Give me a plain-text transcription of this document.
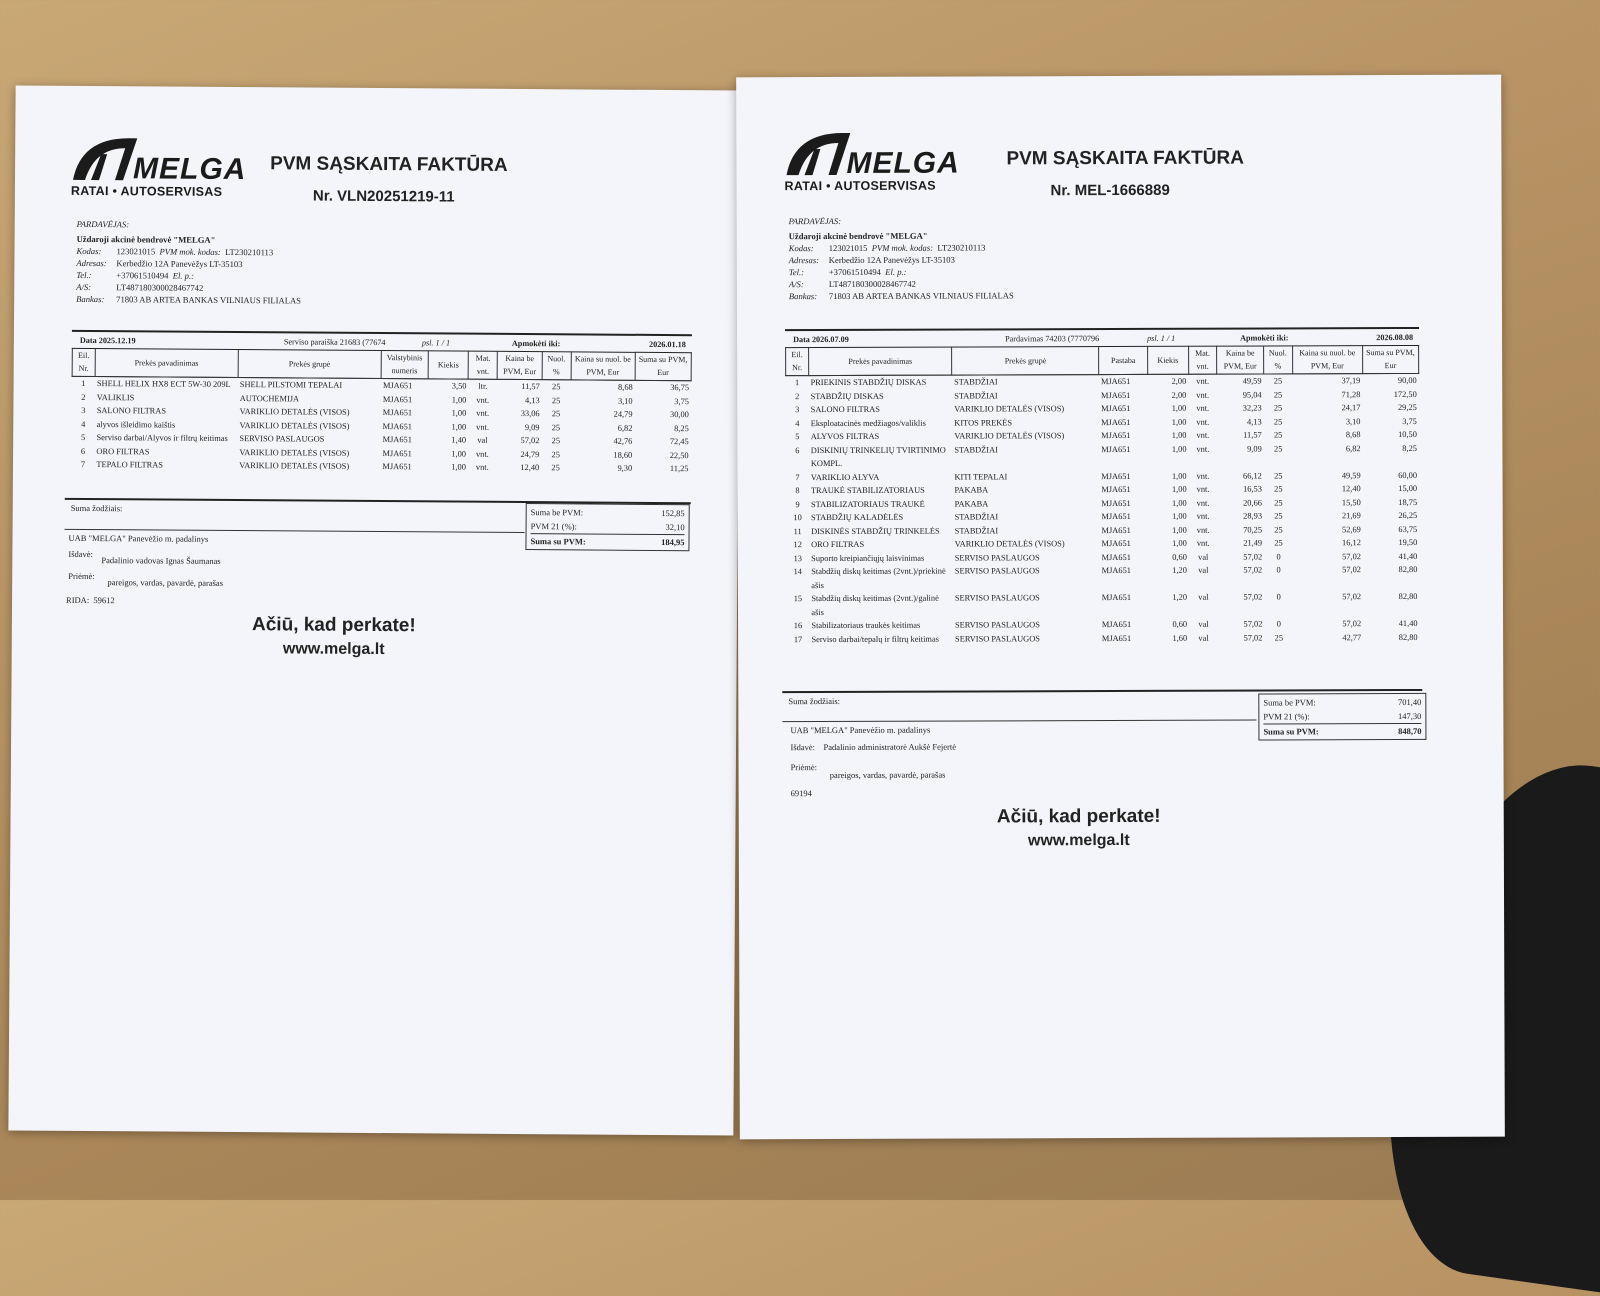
MELGA
RATAI • AUTOSERVISAS
PVM SĄSKAITA FAKTŪRA
Nr. VLN20251219-11
PARDAVĖJAS:
Uždaroji akcinė bendrovė "MELGA"
Kodas: 123021015 PVM mok. kodas: LT230210113
Adresas: Kerbedžio 12A Panevėžys LT-35103
Tel.:	+37061510494 El. p.:
A/S:	LT487180300028467742
Bankas: 71803 AB ARTEA BANKAS VILNIAUS FILIALAS
Data 2025.12.19	Serviso paraiška 21683 (77674	psl. 1 / 1	Apmokėti iki:	2026.01.18
Eil. Nr.	Prekės pavadinimas	Prekės grupė	Valstybinis numeris	Kiekis	Mat. vnt.	Kaina be PVM, Eur	Nuol. %	Kaina su nuol. be PVM, Eur	Suma su PVM, Eur
1	SHELL HELIX HX8 ECT 5W-30 209L	SHELL PILSTOMI TEPALAI	MJA651	3,50	ltr.	11,57	25	8,68	36,75
2	VALIKLIS	AUTOCHEMIJA	MJA651	1,00	vnt.	4,13	25	3,10	3,75
3	SALONO FILTRAS	VARIKLIO DETALĖS (VISOS)	MJA651	1,00	vnt.	33,06	25	24,79	30,00
4	alyvos išleidimo kaištis	VARIKLIO DETALĖS (VISOS)	MJA651	1,00	vnt.	9,09	25	6,82	8,25
5	Serviso darbai/Alyvos ir filtrų keitimas	SERVISO PASLAUGOS	MJA651	1,40	val	57,02	25	42,76	72,45
6	ORO FILTRAS	VARIKLIO DETALĖS (VISOS)	MJA651	1,00	vnt.	24,79	25	18,60	22,50
7	TEPALO FILTRAS	VARIKLIO DETALĖS (VISOS)	MJA651	1,00	vnt.	12,40	25	9,30	11,25
Suma žodžiais:	Suma be PVM:	152,85
PVM 21 (%):	32,10
Suma su PVM:	184,95
UAB "MELGA" Panevėžio m. padalinys
Išdavė:    Padalinio vadovas Ignas Šaumanas
Priėmė:      pareigos, vardas, pavardė, parašas
RIDA: 59612
Ačiū, kad perkate!
www.melga.lt
MELGA
RATAI • AUTOSERVISAS
PVM SĄSKAITA FAKTŪRA
Nr. MEL-1666889
PARDAVĖJAS:
Uždaroji akcinė bendrovė "MELGA"
Kodas: 123021015 PVM mok. kodas: LT230210113
Adresas: Kerbedžio 12A Panevėžys LT-35103
Tel.:	+37061510494 El. p.:
A/S:	LT487180300028467742
Bankas: 71803 AB ARTEA BANKAS VILNIAUS FILIALAS
Data 2026.07.09	Pardavimas 74203 (7770796	psl. 1 / 1	Apmokėti iki:	2026.08.08
Eil. Nr.	Prekės pavadinimas	Prekės grupė	Pastaba	Kiekis	Mat. vnt.	Kaina be PVM, Eur	Nuol. %	Kaina su nuol. be PVM, Eur	Suma su PVM, Eur
1	PRIEKINIS STABDŽIŲ DISKAS	STABDŽIAI	MJA651	2,00	vnt.	49,59	25	37,19	90,00
2	STABDŽIŲ DISKAS	STABDŽIAI	MJA651	2,00	vnt.	95,04	25	71,28	172,50
3	SALONO FILTRAS	VARIKLIO DETALĖS (VISOS)	MJA651	1,00	vnt.	32,23	25	24,17	29,25
4	Eksploatacinės medžiagos/valiklis	KITOS PREKĖS	MJA651	1,00	vnt.	4,13	25	3,10	3,75
5	ALYVOS FILTRAS	VARIKLIO DETALĖS (VISOS)	MJA651	1,00	vnt.	11,57	25	8,68	10,50
6	DISKINIŲ TRINKELIŲ TVIRTINIMO KOMPL.	STABDŽIAI	MJA651	1,00	vnt.	9,09	25	6,82	8,25
7	VARIKLIO ALYVA	KITI TEPALAI	MJA651	1,00	vnt.	66,12	25	49,59	60,00
8	TRAUKĖ STABILIZATORIAUS	PAKABA	MJA651	1,00	vnt.	16,53	25	12,40	15,00
9	STABILIZATORIAUS TRAUKĖ	PAKABA	MJA651	1,00	vnt.	20,66	25	15,50	18,75
10	STABDŽIŲ KALADĖLĖS	STABDŽIAI	MJA651	1,00	vnt.	28,93	25	21,69	26,25
11	DISKINĖS STABDŽIŲ TRINKELĖS	STABDŽIAI	MJA651	1,00	vnt.	70,25	25	52,69	63,75
12	ORO FILTRAS	VARIKLIO DETALĖS (VISOS)	MJA651	1,00	vnt.	21,49	25	16,12	19,50
13	Suporto kreipiančiųjų laisvinimas	SERVISO PASLAUGOS	MJA651	0,60	val	57,02	0	57,02	41,40
14	Stabdžių diskų keitimas (2vnt.)/priekinė ašis	SERVISO PASLAUGOS	MJA651	1,20	val	57,02	0	57,02	82,80
15	Stabdžių diskų keitimas (2vnt.)/galinė ašis	SERVISO PASLAUGOS	MJA651	1,20	val	57,02	0	57,02	82,80
16	Stabilizatoriaus traukės keitimas	SERVISO PASLAUGOS	MJA651	0,60	val	57,02	0	57,02	41,40
17	Serviso darbai/tepalų ir filtrų keitimas	SERVISO PASLAUGOS	MJA651	1,60	val	57,02	25	42,77	82,80
Suma žodžiais:	Suma be PVM:	701,40
PVM 21 (%):	147,30
Suma su PVM:	848,70
UAB "MELGA" Panevėžio m. padalinys
Išdavė: Padalinio administratorė Aukšė Fejertė
Priėmė:      pareigos, vardas, pavardė, parašas
69194
Ačiū, kad perkate!
www.melga.lt
